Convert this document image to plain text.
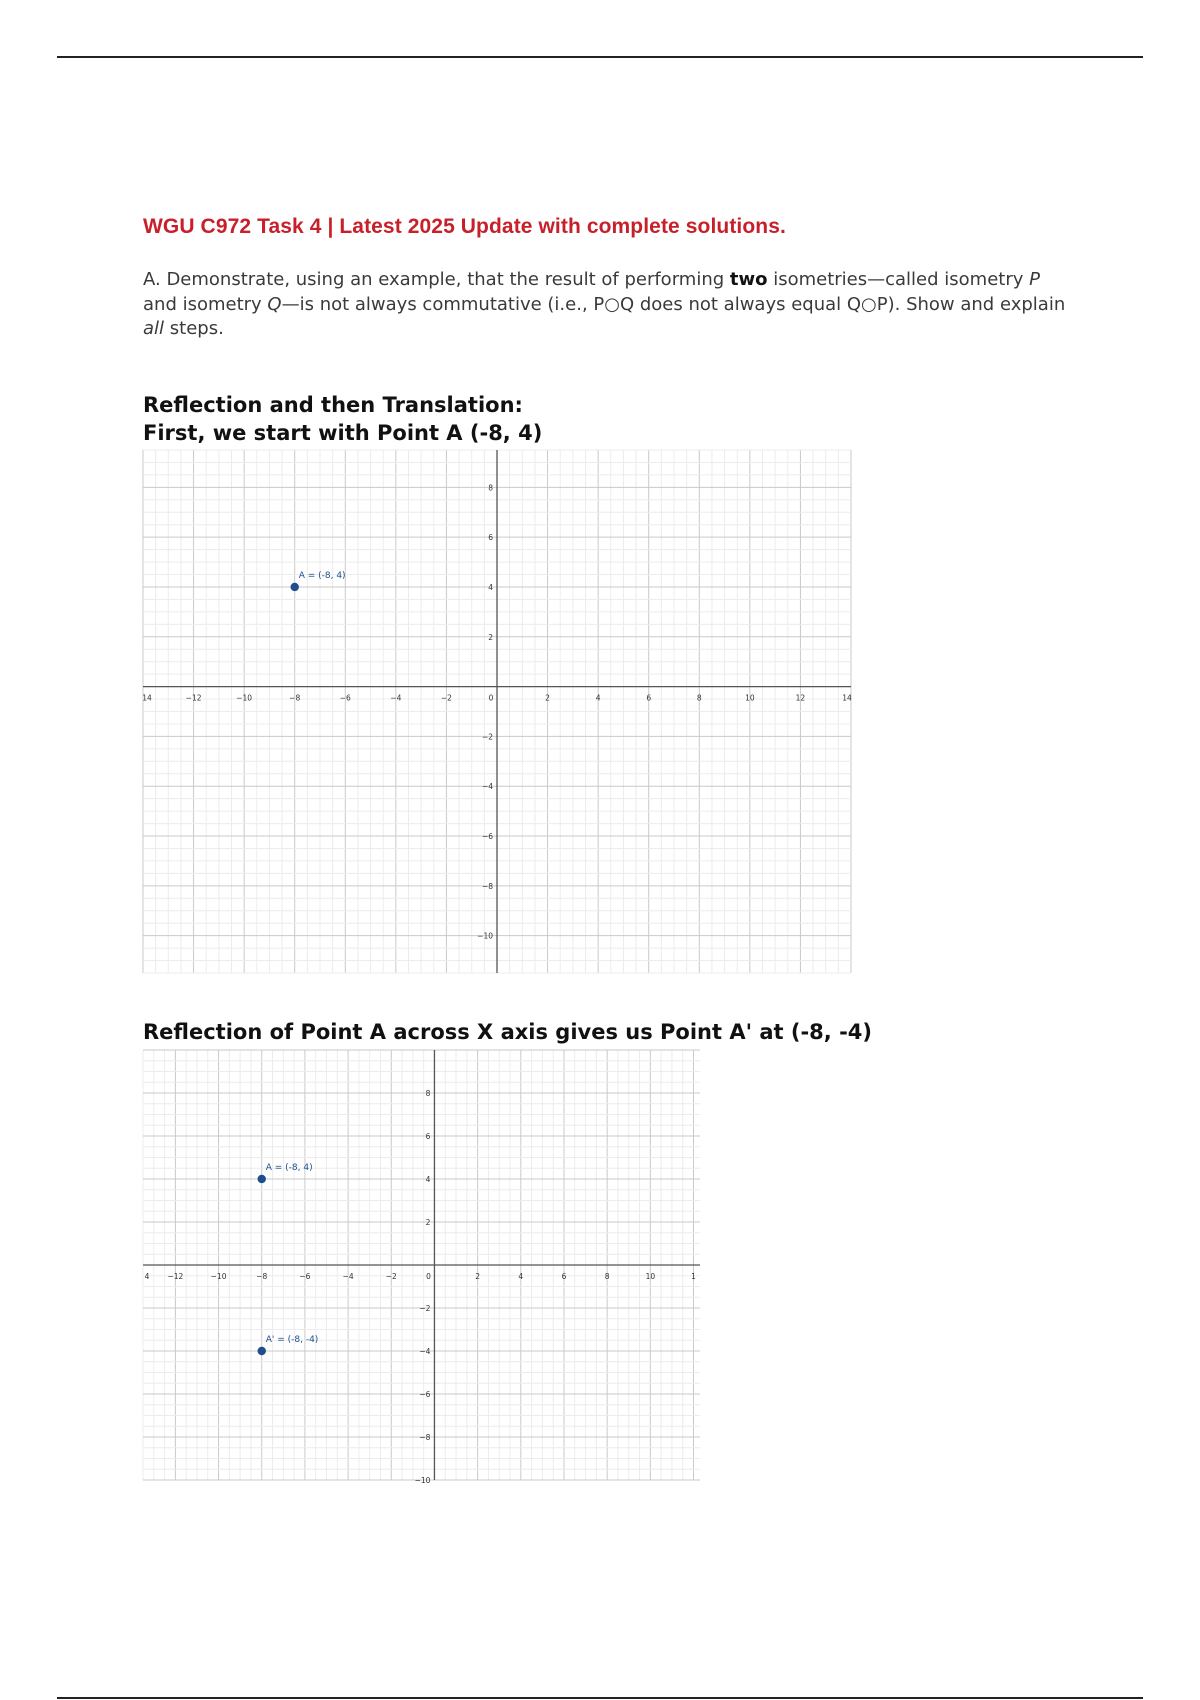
WGU C972 Task 4 | Latest 2025 Update with complete solutions.

A. Demonstrate, using an example, that the result of performing two isometries—called isometry P and isometry Q—is not always commutative (i.e., P○Q does not always equal Q○P). Show and explain all steps.

Reflection and then Translation:
First, we start with Point A (-8, 4)
14	−12	−10	−8	−6	−4	−2	0	2	4	6	8	10	12	14
8
6
4
2
−2
−4
−6
−8
−10
A = (-8, 4)
Reflection of Point A across X axis gives us Point A' at (-8, -4)
4 −12	−10	−8	−6	−4	−2	0	2	4	6	8	10	1
8
6
4
2
−2
−4
−6
−8
−10
A = (-8, 4)
A' = (-8, -4)
